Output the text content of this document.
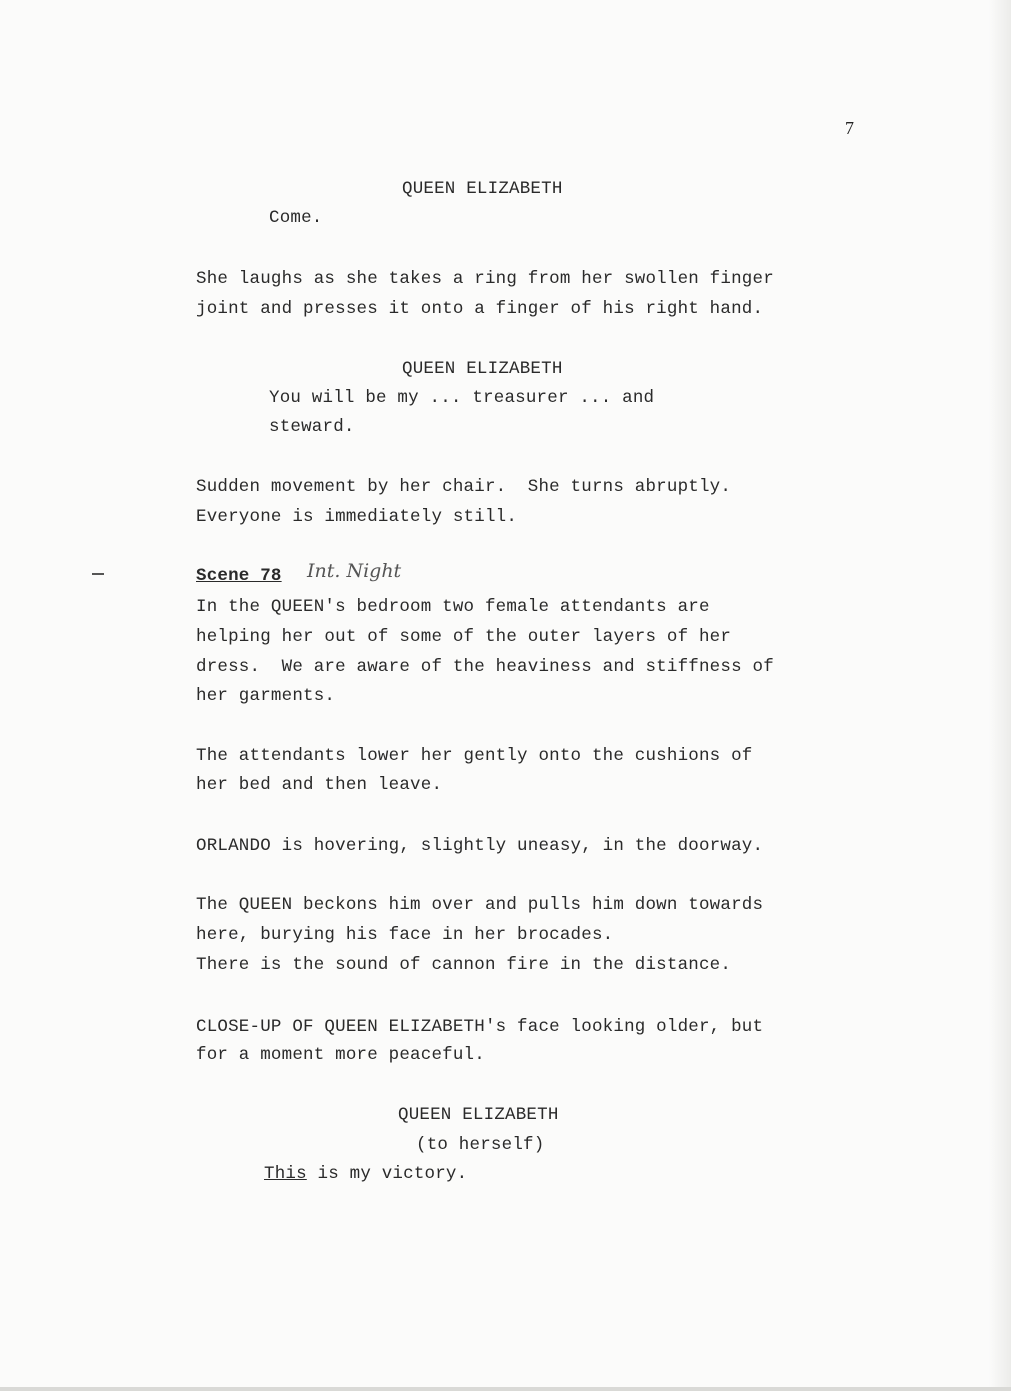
7
QUEEN ELIZABETH
Come.
She laughs as she takes a ring from her swollen finger
joint and presses it onto a finger of his right hand.
QUEEN ELIZABETH
You will be my ... treasurer ... and
steward.
Sudden movement by her chair.  She turns abruptly.
Everyone is immediately still.
Scene 78 Int. Night
In the QUEEN's bedroom two female attendants are
helping her out of some of the outer layers of her
dress.  We are aware of the heaviness and stiffness of
her garments.
The attendants lower her gently onto the cushions of
her bed and then leave.
ORLANDO is hovering, slightly uneasy, in the doorway.
The QUEEN beckons him over and pulls him down towards
here, burying his face in her brocades.
There is the sound of cannon fire in the distance.
CLOSE-UP OF QUEEN ELIZABETH's face looking older, but
for a moment more peaceful.
QUEEN ELIZABETH
(to herself)
This is my victory.
